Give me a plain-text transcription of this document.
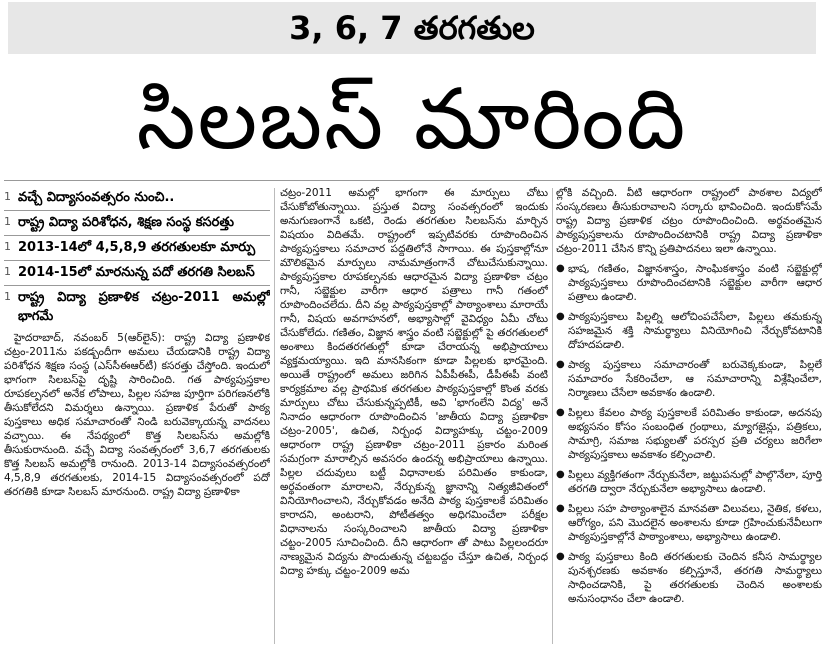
3, 6, 7 తరగతుల
సిలబస్ మారింది
1 వచ్చే విద్యాసంవత్సరం నుంచి..
1 రాష్ట్ర విద్యా పరిశోధన, శిక్షణ సంస్థ కసరత్తు
1 2013-14లో 4,5,8,9 తరగతులకూ మార్పు
1 2014-15లో మారనున్న పదో తరగతి సిలబస్
1 రాష్ట్ర విద్యా ప్రణాళిక చట్రం-2011 అమల్లో భాగమే

హైదరాబాద్, నవంబర్ 5(ఆర్‌లైన్): రాష్ట్ర విద్యా ప్రణాళిక చట్రం-2011ను పకడ్బందీగా అమలు చేయడానికి రాష్ట్ర విద్యా పరిశోధన శిక్షణ సంస్థ (ఎస్‌సీఈఆర్‌టీ) కసరత్తు చేస్తోంది. ఇందులో భాగంగా సిలబస్‌పై దృష్టి సారించింది. గత పాఠ్యపుస్తకాల రూపకల్పనలో అనేక లోపాలు, పిల్లల సహజ పూర్తిగా పరిగణనలోకి తీసుకోలేదని విమర్శలు ఉన్నాయి. ప్రణాళిక పేరుతో పాఠ్య పుస్తకాలు అధిక సమాచారంతో నిండి బరువెక్కాయన్న వాదనలు వచ్చాయి. ఈ నేపథ్యంలో కొత్త సిలబస్‌ను అమల్లోకి తీసుకురానుంది. వచ్చే విద్యా సంవత్సరంలో 3,6,7 తరగతులకు కొత్త సిలబస్ అమల్లోకి రానుంది. 2013-14 విద్యాసంవత్సరంలో 4,5,8,9 తరగతులకు, 2014-15 విద్యాసంవత్సరంలో పదో తరగతికి కూడా సిలబస్ మారనుంది. రాష్ట్ర విద్యా ప్రణాళికా

చట్రం-2011 అమల్లో భాగంగా ఈ మార్పులు చోటు చేసుకోబోతున్నాయి. ప్రస్తుత విద్యా సంవత్సరంలో ఇందుకు అనుగుణంగానే ఒకటి, రెండు తరగతుల సిలబస్‌ను మార్చిన విషయం విదితమే. రాష్ట్రంలో ఇప్పటివరకు రూపొందించిన పాఠ్యపుస్తకాలు సమాచార పద్దతిలోనే సాగాయి. ఈ పుస్తకాల్లోనూ మౌలికమైన మార్పులు నామమాత్రంగానే చోటుచేసుకున్నాయి. పాఠ్యపుస్తకాల రూపకల్పనకు ఆధారమైన విద్యా ప్రణాళికా చట్రం గానీ, సబ్జెక్టుల వారీగా ఆధార పత్రాలు గానీ గతంలో రూపొందించలేదు. దీని వల్ల పాఠ్యపుస్తకాల్లో పాఠ్యాంశాలు మారాయే గానీ, విషయ అవగాహనలో, అభ్యాసాల్లో వైవిధ్యం ఏమీ చోటు చేసుకోలేదు. గణితం, విజ్ఞాన శాస్త్రం వంటి సబ్జెక్టుల్లో పై తరగతులలో అంశాలు కిందతరగతుల్లో కూడా చేరాయన్న అభిప్రాయాలు వ్యక్తమయ్యాయి. ఇది మానసికంగా కూడా పిల్లలకు భారమైంది. అయితే రాష్ట్రంలో అమలు జరిగిన ఏపీపీఈపీ, డీపీఈపీ వంటి కార్యక్రమాల వల్ల ప్రాథమిక తరగతుల పాఠ్యపుస్తకాల్లో కొంత వరకు మార్పులు చోటు చేసుకున్నప్పటికీ, అవి 'భాగంలేని విద్య' అనే నినాదం ఆధారంగా రూపొందించిన 'జాతీయ విద్యా ప్రణాళికా చట్రం-2005', ఉచిత, నిర్బంధ విద్యాహక్కు చట్టం-2009 ఆధారంగా రాష్ట్ర ప్రణాళికా చట్రం-2011 ప్రకారం మరింత సమగ్రంగా మారాల్సిన అవసరం ఉందన్న అభిప్రాయాలు ఉన్నాయి. పిల్లల చదువులు బట్టీ విధానాలకు పరిమితం కాకుండా, అర్థవంతంగా మారాలని, నేర్చుకున్న జ్ఞానాన్ని నిత్యజీవితంలో వినియోగించాలని, నేర్చుకోవడం అనేది పాఠ్య పుస్తకాలకే పరిమితం కారాదని, అంటరాని, పోటీతత్వం అధిగమించేలా పరీక్షల విధానాలను సంస్కరించాలని జాతీయ విద్యా ప్రణాళికా చట్టం-2005 సూచించింది. దీని ఆధారంగా తో పాటు పిల్లలందరూ నాణ్యమైన విద్యను పొందుతున్న చట్టబద్దం చేస్తూ ఉచిత, నిర్బంధ విద్యా హక్కు చట్టం-2009 అమ

ల్లోకి వచ్చింది. వీటి ఆధారంగా రాష్ట్రంలో పాఠశాల విద్యలో సంస్కరణలు తీసుకురావాలని సర్కారు భావించింది. ఇందుకోసమే రాష్ట్ర విద్యా ప్రణాళిక చట్రం రూపొందించింది. అర్థవంతమైన పాఠ్యపుస్తకాలను రూపొందించటానికి రాష్ట్ర విద్యా ప్రణాళికా చట్రం-2011 చేసిన కొన్ని ప్రతిపాదనలు ఇలా ఉన్నాయి.

● భాష, గణితం, విజ్ఞానశాస్త్రం, సాంఘికశాస్త్రం వంటి సబ్జెక్టుల్లో పాఠ్యపుస్తకాలు రూపొందించటానికి సబ్జెక్టుల వారీగా ఆధార పత్రాలు ఉండాలి.
● పాఠ్యపుస్తకాలు పిల్లల్ని ఆలోచింపచేసేలా, పిల్లలు తమకున్న సహజమైన శక్తి సామర్థ్యాలు వినియోగించి నేర్చుకోవటానికి దోహదపడాలి.
● పాఠ్య పుస్తకాలు సమాచారంతో బరువెక్కకుండా, పిల్లలే సమాచారం సేకరించేలా, ఆ సమాచారాన్ని విశ్లేషించేలా, నిర్మాణలు చేసేలా అవకాశం ఉండాలి.
● పిల్లలు కేవలం పాఠ్య పుస్తకాలకే పరిమితం కాకుండా, అదనపు అభ్యసనం కోసం సంబంధిత గ్రంథాలు, మ్యాగజైన్లు, పత్రికలు, సామాగ్రి, సమాజ సభ్యులతో పరస్పర ప్రతి చర్యలు జరిగేలా పాఠ్యపుస్తకాలు అవకాశం కల్పించాలి.
● పిల్లలు వ్యక్తిగతంగా నేర్చుకునేలా, జట్టుపనుల్లో పాల్గొనేలా, పూర్తి తరగతి ద్వారా నేర్చుకునేలా అభ్యాసాలు ఉండాలి.
● పిల్లలు సహ పాఠ్యాంశాలైన మానవతా విలువలు, నైతిక, కళలు, ఆరోగ్యం, పని మొదలైన అంశాలను కూడా గ్రహించుకునేవీలుగా పాఠ్యపుస్తకాల్లోనే పాఠ్యాంశాలు, అభ్యాసాలు ఉండాలి.
● పాఠ్య పుస్తకాలు కింది తరగతులకు చెందిన కనీస సామర్థ్యాల పునశ్చరణకు అవకాశం కల్పిస్తూనే, తరగతి సామర్థ్యాలు సాధించడానికి, పై తరగతులకు చెందిన అంశాలకు అనుసంధానం చేలా ఉండాలి.
